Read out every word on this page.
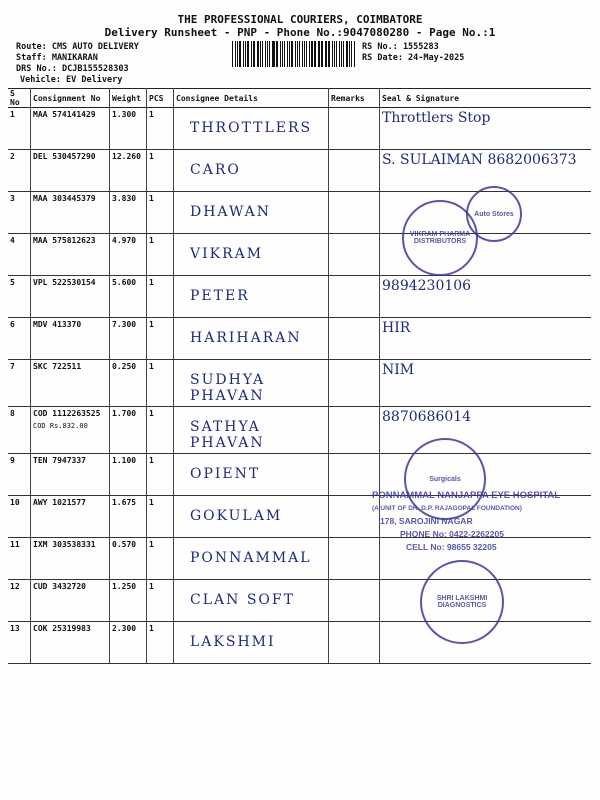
THE PROFESSIONAL COURIERS, COIMBATORE
Delivery Runsheet - PNP - Phone No.:9047080280 - Page No.:1
Route: CMS AUTO DELIVERY
Staff: MANIKARAN
DRS No.: DCJB155528303
Vehicle: EV Delivery
RS No.: 1555283
RS Date: 24-May-2025
S No	Consignment No	Weight	PCS	Consignee Details	Remarks	Seal & Signature
1	MAA 574141429	1.300	1	THROTTLERS		Throttlers Stop
2	DEL 530457290	12.260	1	CARO		S. SULAIMAN 8682006373
3	MAA 303445379	3.830	1	DHAWAN		

4	MAA 575812623	4.970	1	VIKRAM		

5	VPL 522530154	5.600	1	PETER		9894230106
6	MDV 413370	7.300	1	HARIHARAN		HIR
7	SKC 722511	0.250	1	SUDHYA PHAVAN		NIM
8	COD 1112263525
COD Rs.832.00	1.700	1	SATHYA PHAVAN		8870686014
9	TEN 7947337	1.100	1	OPIENT		

10	AWY 1021577	1.675	1	GOKULAM		

11	IXM 303538331	0.570	1	PONNAMMAL		

12	CUD 3432720	1.250	1	CLAN SOFT		

13	COK 25319983	2.300	1	LAKSHMI		

VIKRAM PHARMA DISTRIBUTORS
Auto Stores
Surgicals
SHRI LAKSHMI DIAGNOSTICS
PONNAMMAL NANJAPPA EYE HOSPITAL
(A UNIT OF DR. D.P. RAJAGOPAL FOUNDATION)
178, SAROJINI NAGAR
PHONE No: 0422-2262205
CELL No: 98655 32205
